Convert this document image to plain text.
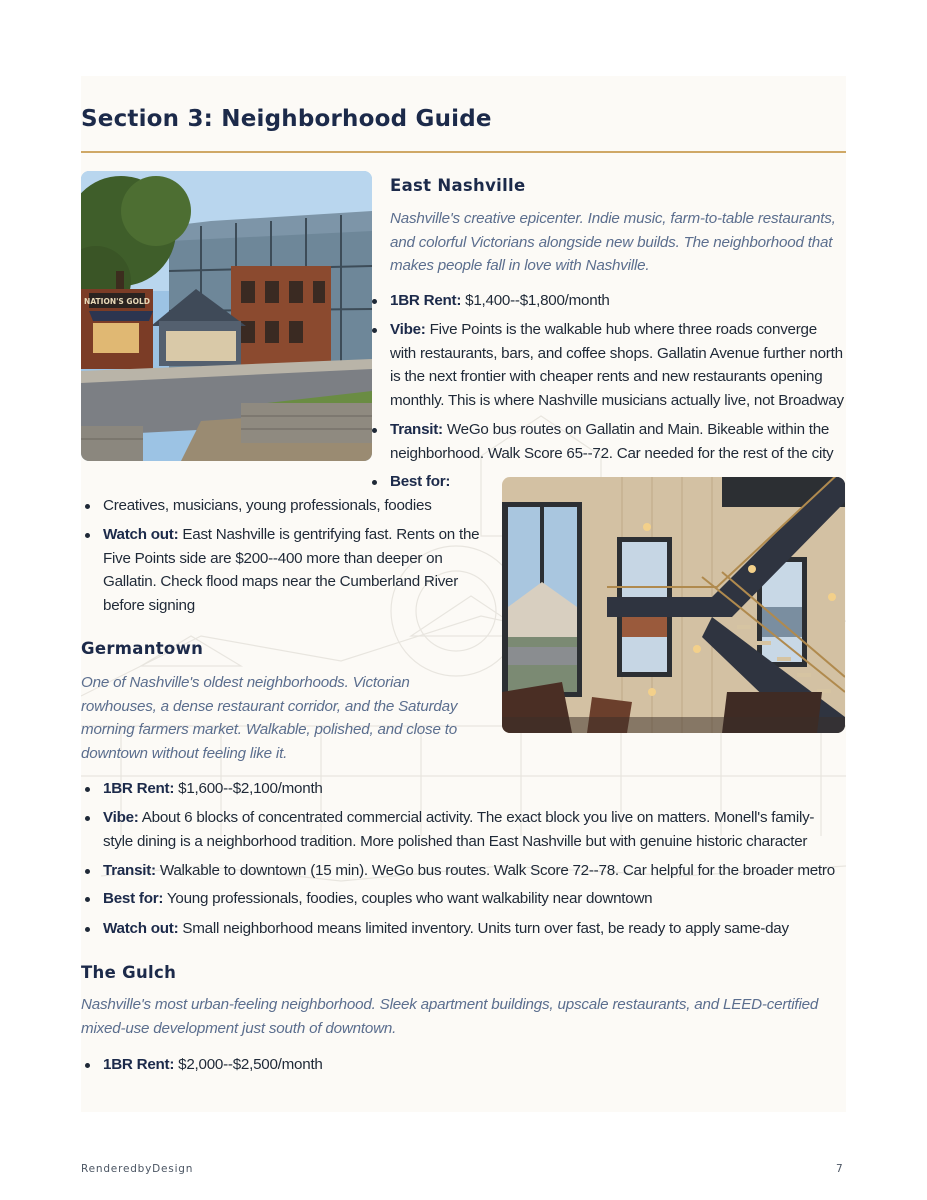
Section 3: Neighborhood Guide
NATION'S GOLD
East Nashville

Nashville's creative epicenter. Indie music, farm-to-table restaurants,
and colorful Victorians alongside new builds. The neighborhood that
makes people fall in love with Nashville.

1BR Rent: $1,400--$1,800/month
Vibe: Five Points is the walkable hub where three roads converge
with restaurants, bars, and coffee shops. Gallatin Avenue further north
is the next frontier with cheaper rents and new restaurants opening
monthly. This is where Nashville musicians actually live, not Broadway
Transit: WeGo bus routes on Gallatin and Main. Bikeable within the
neighborhood. Walk Score 65--72. Car needed for the rest of the city
Best for:
Creatives, musicians, young professionals, foodies
Watch out: East Nashville is gentrifying fast. Rents on the
Five Points side are $200--400 more than deeper on
Gallatin. Check flood maps near the Cumberland River
before signing
Germantown

One of Nashville's oldest neighborhoods. Victorian
rowhouses, a dense restaurant corridor, and the Saturday
morning farmers market. Walkable, polished, and close to
downtown without feeling like it.

1BR Rent: $1,600--$2,100/month
Vibe: About 6 blocks of concentrated commercial activity. The exact block you live on matters. Monell's family-
style dining is a neighborhood tradition. More polished than East Nashville but with genuine historic character
Transit: Walkable to downtown (15 min). WeGo bus routes. Walk Score 72--78. Car helpful for the broader metro
Best for: Young professionals, foodies, couples who want walkability near downtown
Watch out: Small neighborhood means limited inventory. Units turn over fast, be ready to apply same-day
The Gulch

Nashville's most urban-feeling neighborhood. Sleek apartment buildings, upscale restaurants, and LEED-certified
mixed-use development just south of downtown.

1BR Rent: $2,000--$2,500/month
RenderedbyDesign	7
